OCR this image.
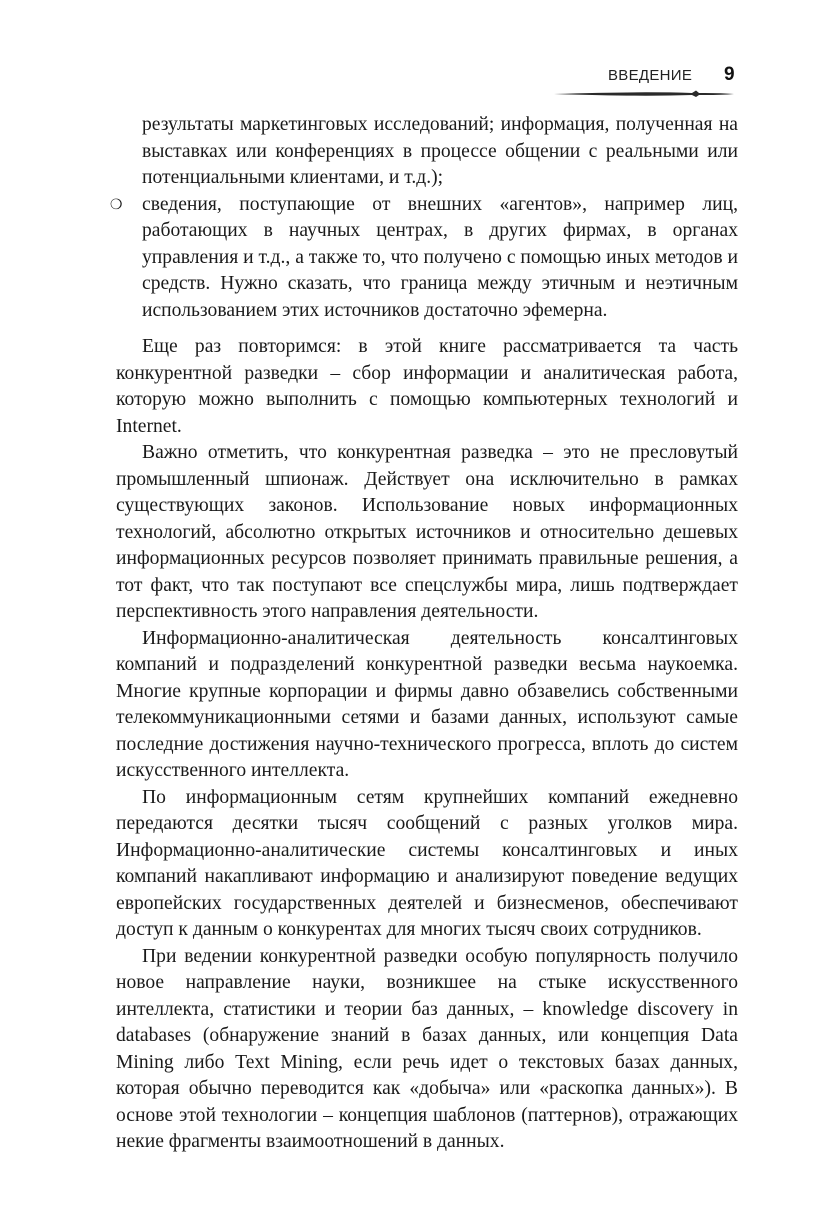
ВВЕДЕНИЕ 9
результаты маркетинговых исследований; информация, полученная на выставках или конференциях в процессе общении с реальными или потенциальными клиентами, и т.д.);
❍ сведения, поступающие от внешних «агентов», например лиц, работающих в научных центрах, в других фирмах, в органах управления и т.д., а также то, что получено с помощью иных методов и средств. Нужно сказать, что граница между этичным и неэтичным использованием этих источников достаточно эфемерна.

Еще раз повторимся: в этой книге рассматривается та часть конкурентной разведки – сбор информации и аналитическая работа, которую можно выполнить с помощью компьютерных технологий и Internet.

Важно отметить, что конкурентная разведка – это не пресловутый промышленный шпионаж. Действует она исключительно в рамках существующих законов. Использование новых информационных технологий, абсолютно открытых источников и относительно дешевых информационных ресурсов позволяет принимать правильные решения, а тот факт, что так поступают все спецслужбы мира, лишь подтверждает перспективность этого направления деятельности.

Информационно-аналитическая деятельность консалтинговых компаний и подразделений конкурентной разведки весьма наукоемка. Многие крупные корпорации и фирмы давно обзавелись собственными телекоммуникационными сетями и базами данных, используют самые последние достижения научно-технического прогресса, вплоть до систем искусственного интеллекта.

По информационным сетям крупнейших компаний ежедневно передаются десятки тысяч сообщений с разных уголков мира. Информационно-аналитические системы консалтинговых и иных компаний накапливают информацию и анализируют поведение ведущих европейских государственных деятелей и бизнесменов, обеспечивают доступ к данным о конкурентах для многих тысяч своих сотрудников.

При ведении конкурентной разведки особую популярность получило новое направление науки, возникшее на стыке искусственного интеллекта, статистики и теории баз данных, – knowledge discovery in databases (обнаружение знаний в базах данных, или концепция Data Mining либо Text Mining, если речь идет о текстовых базах данных, которая обычно переводится как «добыча» или «раскопка данных»). В основе этой технологии – концепция шаблонов (паттернов), отражающих некие фрагменты взаимоотношений в данных.
